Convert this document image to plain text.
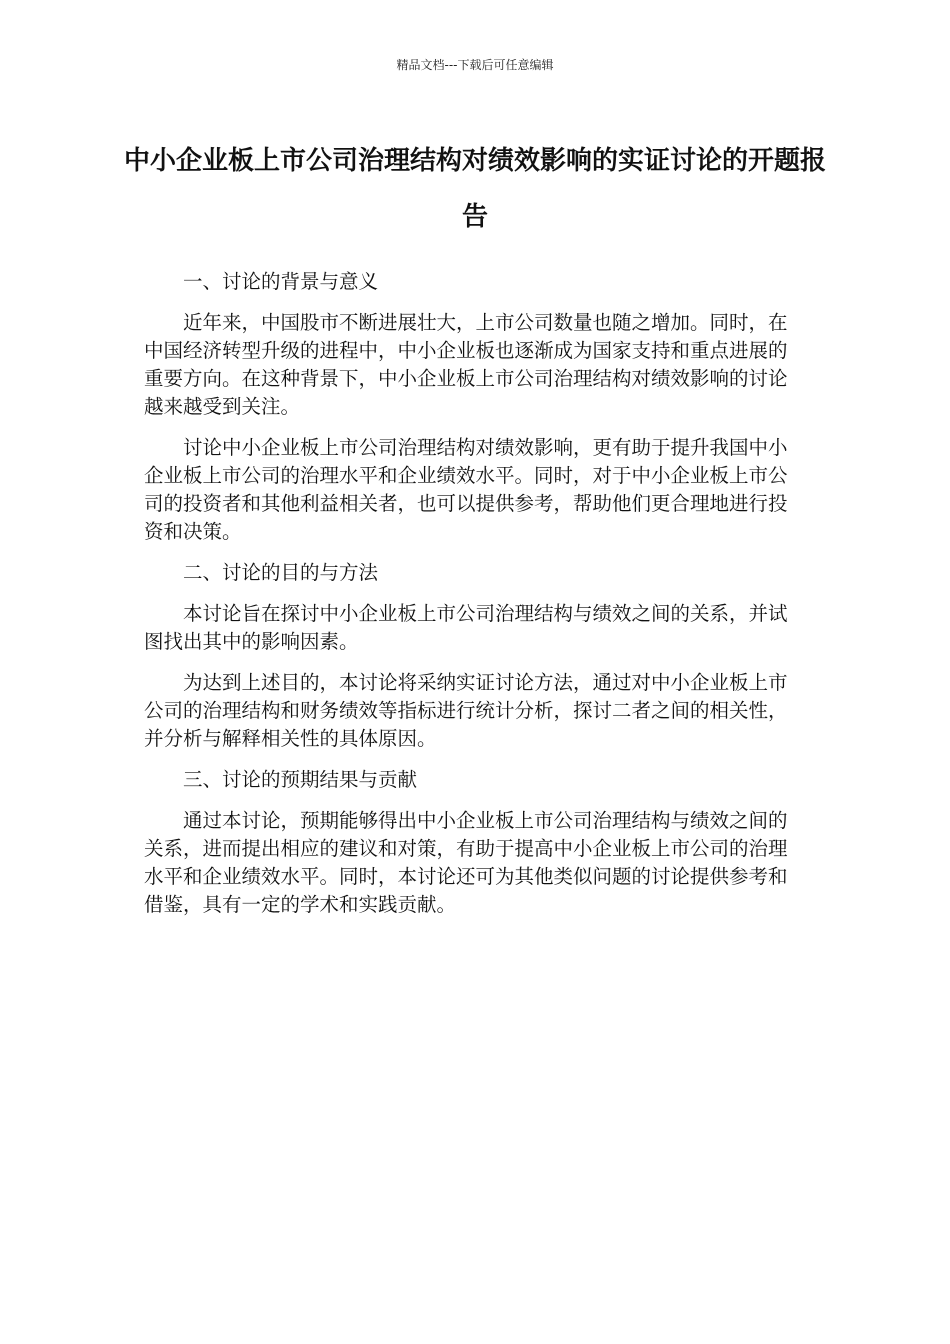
精品文档---下载后可任意编辑
中小企业板上市公司治理结构对绩效影响的实证讨论的开题报告

一、讨论的背景与意义

近年来，中国股市不断进展壮大，上市公司数量也随之增加。同时，在中国经济转型升级的进程中，中小企业板也逐渐成为国家支持和重点进展的重要方向。在这种背景下，中小企业板上市公司治理结构对绩效影响的讨论越来越受到关注。

讨论中小企业板上市公司治理结构对绩效影响，更有助于提升我国中小企业板上市公司的治理水平和企业绩效水平。同时，对于中小企业板上市公司的投资者和其他利益相关者，也可以提供参考，帮助他们更合理地进行投资和决策。

二、讨论的目的与方法

本讨论旨在探讨中小企业板上市公司治理结构与绩效之间的关系，并试图找出其中的影响因素。

为达到上述目的，本讨论将采纳实证讨论方法，通过对中小企业板上市公司的治理结构和财务绩效等指标进行统计分析，探讨二者之间的相关性，并分析与解释相关性的具体原因。

三、讨论的预期结果与贡献

通过本讨论，预期能够得出中小企业板上市公司治理结构与绩效之间的关系，进而提出相应的建议和对策，有助于提高中小企业板上市公司的治理水平和企业绩效水平。同时，本讨论还可为其他类似问题的讨论提供参考和借鉴，具有一定的学术和实践贡献。
